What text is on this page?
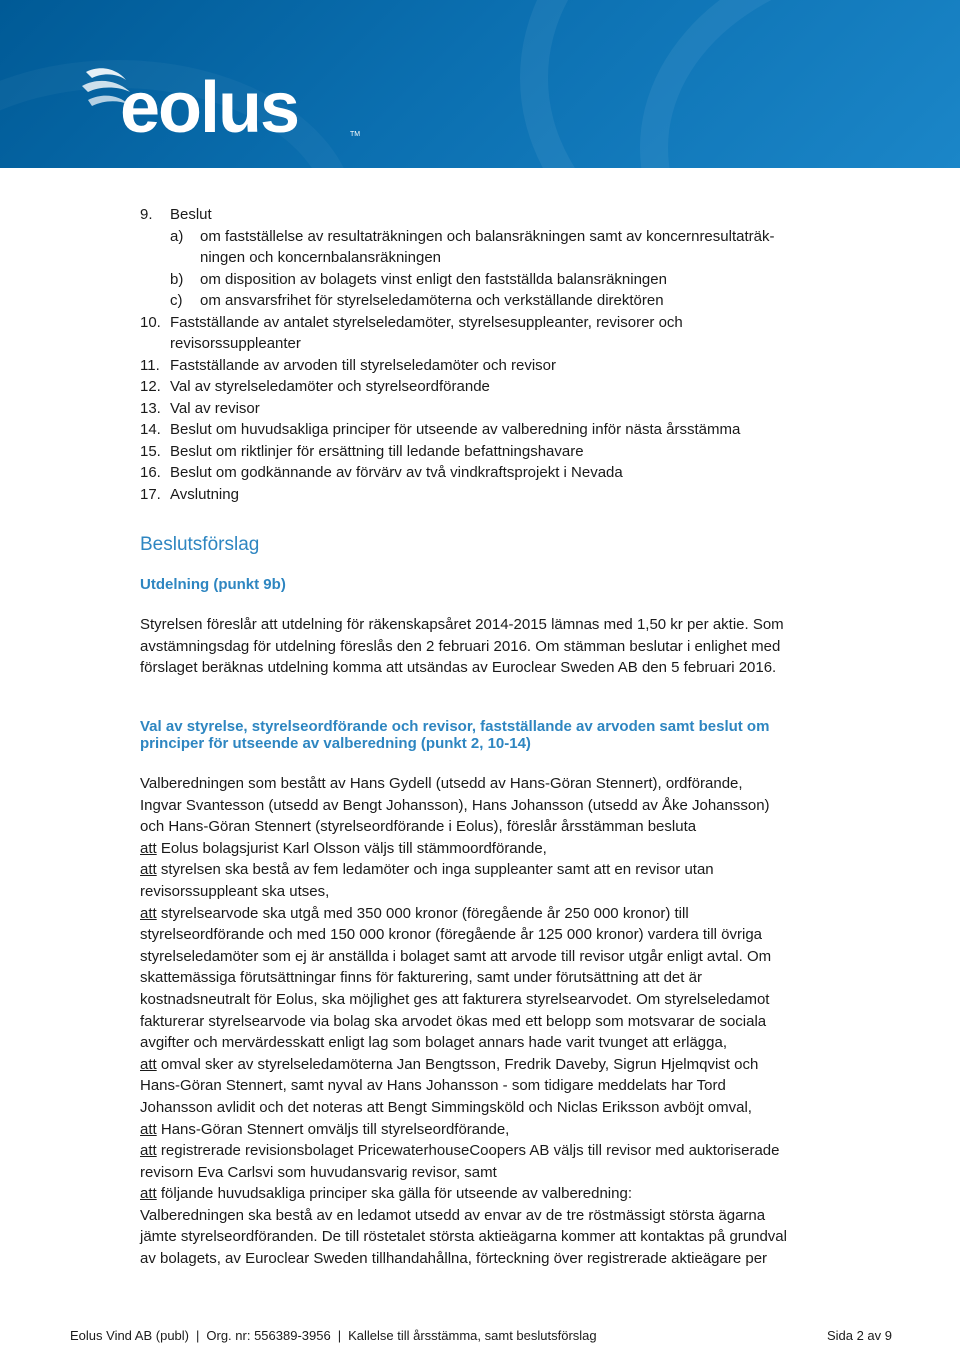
eolus	TM
9.	Beslut
a)	om fastställelse av resultaträkningen och balansräkningen samt av koncernresultaträk-
ningen och koncernbalansräkningen
b)	om disposition av bolagets vinst enligt den fastställda balansräkningen
c)	om ansvarsfrihet för styrelseledamöterna och verkställande direktören
10. Fastställande av antalet styrelseledamöter, styrelsesuppleanter, revisorer och
revisorssuppleanter
11. Fastställande av arvoden till styrelseledamöter och revisor
12. Val av styrelseledamöter och styrelseordförande
13. Val av revisor
14. Beslut om huvudsakliga principer för utseende av valberedning inför nästa årsstämma
15. Beslut om riktlinjer för ersättning till ledande befattningshavare
16. Beslut om godkännande av förvärv av två vindkraftsprojekt i Nevada
17. Avslutning
Beslutsförslag
Utdelning (punkt 9b)
Styrelsen föreslår att utdelning för räkenskapsåret 2014-2015 lämnas med 1,50 kr per aktie. Som
avstämningsdag för utdelning föreslås den 2 februari 2016. Om stämman beslutar i enlighet med
förslaget beräknas utdelning komma att utsändas av Euroclear Sweden AB den 5 februari 2016.
Val av styrelse, styrelseordförande och revisor, fastställande av arvoden samt beslut om
principer för utseende av valberedning (punkt 2, 10-14)
Valberedningen som bestått av Hans Gydell (utsedd av Hans-Göran Stennert), ordförande,
Ingvar Svantesson (utsedd av Bengt Johansson), Hans Johansson (utsedd av Åke Johansson)
och Hans-Göran Stennert (styrelseordförande i Eolus), föreslår årsstämman besluta
att Eolus bolagsjurist Karl Olsson väljs till stämmoordförande,
att styrelsen ska bestå av fem ledamöter och inga suppleanter samt att en revisor utan
revisorssuppleant ska utses,
att styrelsearvode ska utgå med 350 000 kronor (föregående år 250 000 kronor) till
styrelseordförande och med 150 000 kronor (föregående år 125 000 kronor) vardera till övriga
styrelseledamöter som ej är anställda i bolaget samt att arvode till revisor utgår enligt avtal. Om
skattemässiga förutsättningar finns för fakturering, samt under förutsättning att det är
kostnadsneutralt för Eolus, ska möjlighet ges att fakturera styrelsearvodet. Om styrelseledamot
fakturerar styrelsearvode via bolag ska arvodet ökas med ett belopp som motsvarar de sociala
avgifter och mervärdesskatt enligt lag som bolaget annars hade varit tvunget att erlägga,
att omval sker av styrelseledamöterna Jan Bengtsson, Fredrik Daveby, Sigrun Hjelmqvist och
Hans-Göran Stennert, samt nyval av Hans Johansson - som tidigare meddelats har Tord
Johansson avlidit och det noteras att Bengt Simmingsköld och Niclas Eriksson avböjt omval,
att Hans-Göran Stennert omväljs till styrelseordförande,
att registrerade revisionsbolaget PricewaterhouseCoopers AB väljs till revisor med auktoriserade
revisorn Eva Carlsvi som huvudansvarig revisor, samt
att följande huvudsakliga principer ska gälla för utseende av valberedning:
Valberedningen ska bestå av en ledamot utsedd av envar av de tre röstmässigt största ägarna
jämte styrelseordföranden. De till röstetalet största aktieägarna kommer att kontaktas på grundval
av bolagets, av Euroclear Sweden tillhandahållna, förteckning över registrerade aktieägare per
Eolus Vind AB (publ) | Org. nr: 556389-3956 | Kallelse till årsstämma, samt beslutsförslag	Sida 2 av 9
